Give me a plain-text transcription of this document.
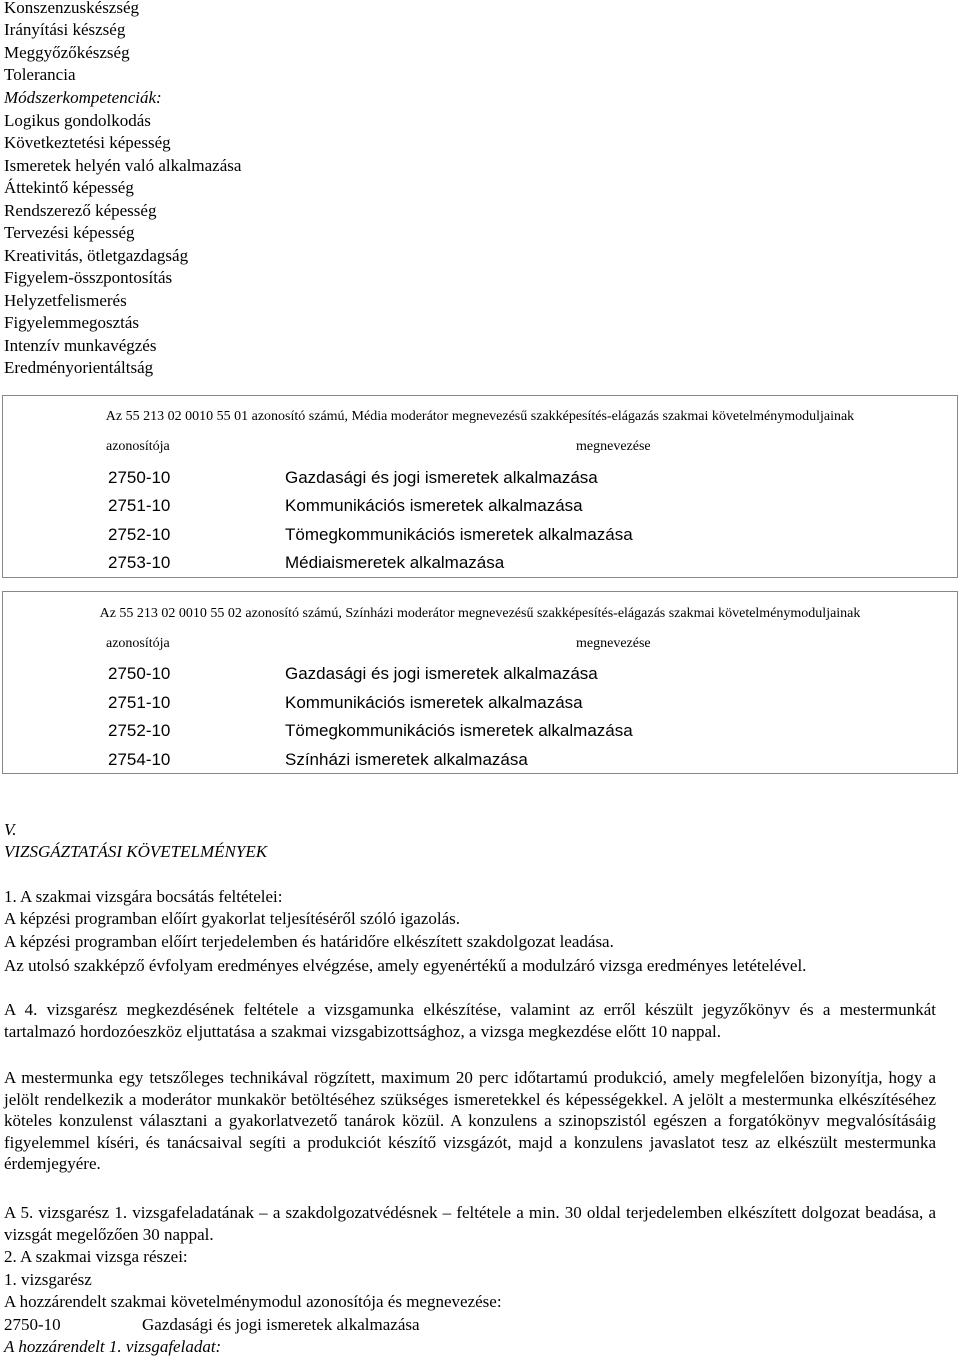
Konszenzuskészség
Irányítási készség
Meggyőzőkészség
Tolerancia
Módszerkompetenciák:
Logikus gondolkodás
Következtetési képesség
Ismeretek helyén való alkalmazása
Áttekintő képesség
Rendszerező képesség
Tervezési képesség
Kreativitás, ötletgazdagság
Figyelem-összpontosítás
Helyzetfelismerés
Figyelemmegosztás
Intenzív munkavégzés
Eredményorientáltság
Az 55 213 02 0010 55 01 azonosító számú, Média moderátor megnevezésű szakképesítés-elágazás szakmai követelménymoduljainak
azonosítója	megnevezése
2750-10	Gazdasági és jogi ismeretek alkalmazása
2751-10	Kommunikációs ismeretek alkalmazása
2752-10	Tömegkommunikációs ismeretek alkalmazása
2753-10	Médiaismeretek alkalmazása
Az 55 213 02 0010 55 02 azonosító számú, Színházi moderátor megnevezésű szakképesítés-elágazás szakmai követelménymoduljainak
azonosítója	megnevezése
2750-10	Gazdasági és jogi ismeretek alkalmazása
2751-10	Kommunikációs ismeretek alkalmazása
2752-10	Tömegkommunikációs ismeretek alkalmazása
2754-10	Színházi ismeretek alkalmazása
V.
VIZSGÁZTATÁSI KÖVETELMÉNYEK
1. A szakmai vizsgára bocsátás feltételei:
A képzési programban előírt gyakorlat teljesítéséről szóló igazolás.
A képzési programban előírt terjedelemben és határidőre elkészített szakdolgozat leadása.
Az utolsó szakképző évfolyam eredményes elvégzése, amely egyenértékű a modulzáró vizsga eredményes letételével.
A 4. vizsgarész megkezdésének feltétele a vizsgamunka elkészítése, valamint az erről készült jegyzőkönyv és a mestermunkát tartalmazó hordozóeszköz eljuttatása a szakmai vizsgabizottsághoz, a vizsga megkezdése előtt 10 nappal.
A mestermunka egy tetszőleges technikával rögzített, maximum 20 perc időtartamú produkció, amely megfelelően bizonyítja, hogy a jelölt rendelkezik a moderátor munkakör betöltéséhez szükséges ismeretekkel és képességekkel. A jelölt a mestermunka elkészítéséhez köteles konzulenst választani a gyakorlatvezető tanárok közül. A konzulens a szinopszistól egészen a forgatókönyv megvalósításáig figyelemmel kíséri, és tanácsaival segíti a produkciót készítő vizsgázót, majd a konzulens javaslatot tesz az elkészült mestermunka érdemjegyére.
A 5. vizsgarész 1. vizsgafeladatának – a szakdolgozatvédésnek – feltétele a min. 30 oldal terjedelemben elkészített dolgozat beadása, a vizsgát megelőzően 30 nappal.
2. A szakmai vizsga részei:
1. vizsgarész
A hozzárendelt szakmai követelménymodul azonosítója és megnevezése:
2750-10	Gazdasági és jogi ismeretek alkalmazása
A hozzárendelt 1. vizsgafeladat:
